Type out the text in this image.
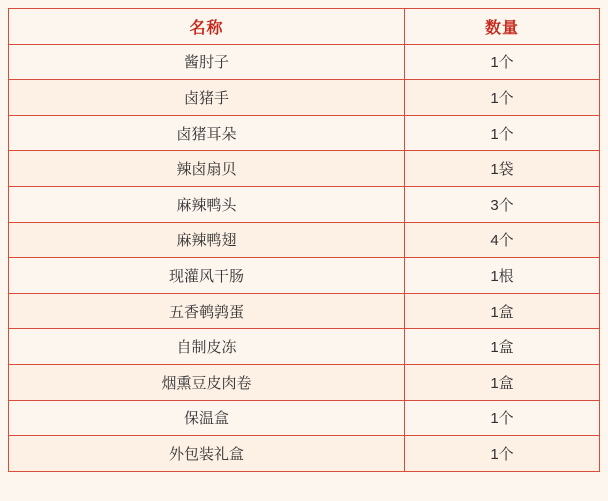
名称	数量
酱肘子	1个
卤猪手	1个
卤猪耳朵	1个
辣卤扇贝	1袋
麻辣鸭头	3个
麻辣鸭翅	4个
现灌风干肠	1根
五香鹌鹑蛋	1盒
自制皮冻	1盒
烟熏豆皮肉卷	1盒
保温盒	1个
外包装礼盒	1个
